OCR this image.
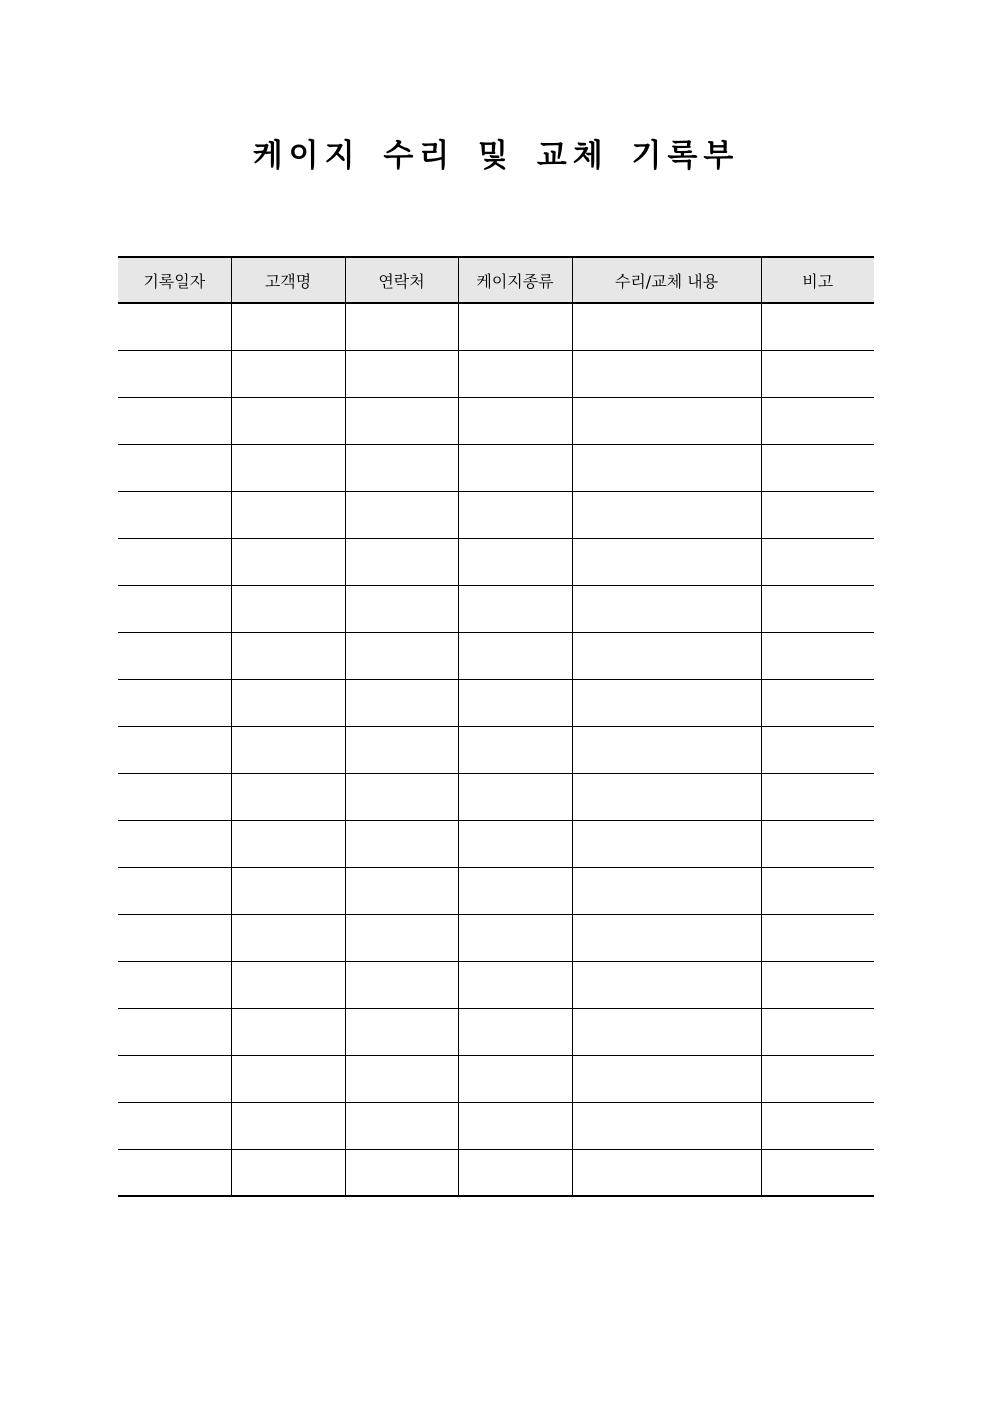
케이지 수리 및 교체 기록부
기록일자	고객명	연락처	케이지종류	수리/교체 내용	비고
